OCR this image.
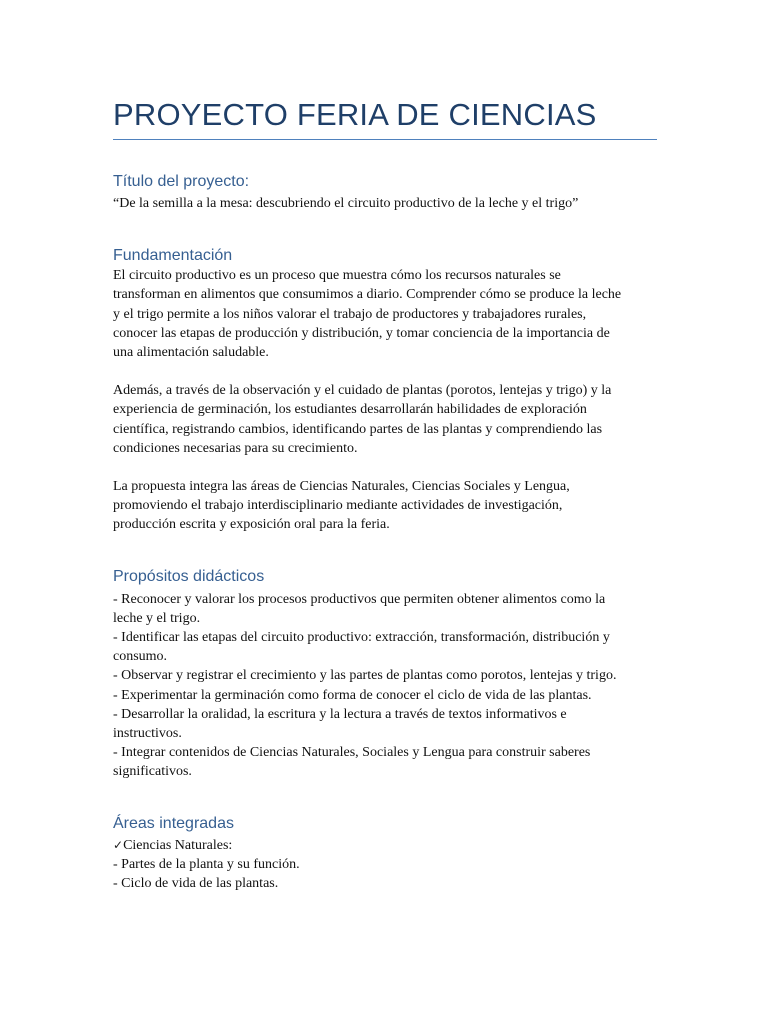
PROYECTO FERIA DE CIENCIAS
Título del proyecto:

“De la semilla a la mesa: descubriendo el circuito productivo de la leche y el trigo”

Fundamentación
El circuito productivo es un proceso que muestra cómo los recursos naturales se
transforman en alimentos que consumimos a diario. Comprender cómo se produce la leche
y el trigo permite a los niños valorar el trabajo de productores y trabajadores rurales,
conocer las etapas de producción y distribución, y tomar conciencia de la importancia de
una alimentación saludable.
Además, a través de la observación y el cuidado de plantas (porotos, lentejas y trigo) y la
experiencia de germinación, los estudiantes desarrollarán habilidades de exploración
científica, registrando cambios, identificando partes de las plantas y comprendiendo las
condiciones necesarias para su crecimiento.
La propuesta integra las áreas de Ciencias Naturales, Ciencias Sociales y Lengua,
promoviendo el trabajo interdisciplinario mediante actividades de investigación,
producción escrita y exposición oral para la feria.
Propósitos didácticos
- Reconocer y valorar los procesos productivos que permiten obtener alimentos como la
leche y el trigo.
- Identificar las etapas del circuito productivo: extracción, transformación, distribución y
consumo.
- Observar y registrar el crecimiento y las partes de plantas como porotos, lentejas y trigo.
- Experimentar la germinación como forma de conocer el ciclo de vida de las plantas.
- Desarrollar la oralidad, la escritura y la lectura a través de textos informativos e
instructivos.
- Integrar contenidos de Ciencias Naturales, Sociales y Lengua para construir saberes
significativos.
Áreas integradas
✓Ciencias Naturales:
- Partes de la planta y su función.
- Ciclo de vida de las plantas.
